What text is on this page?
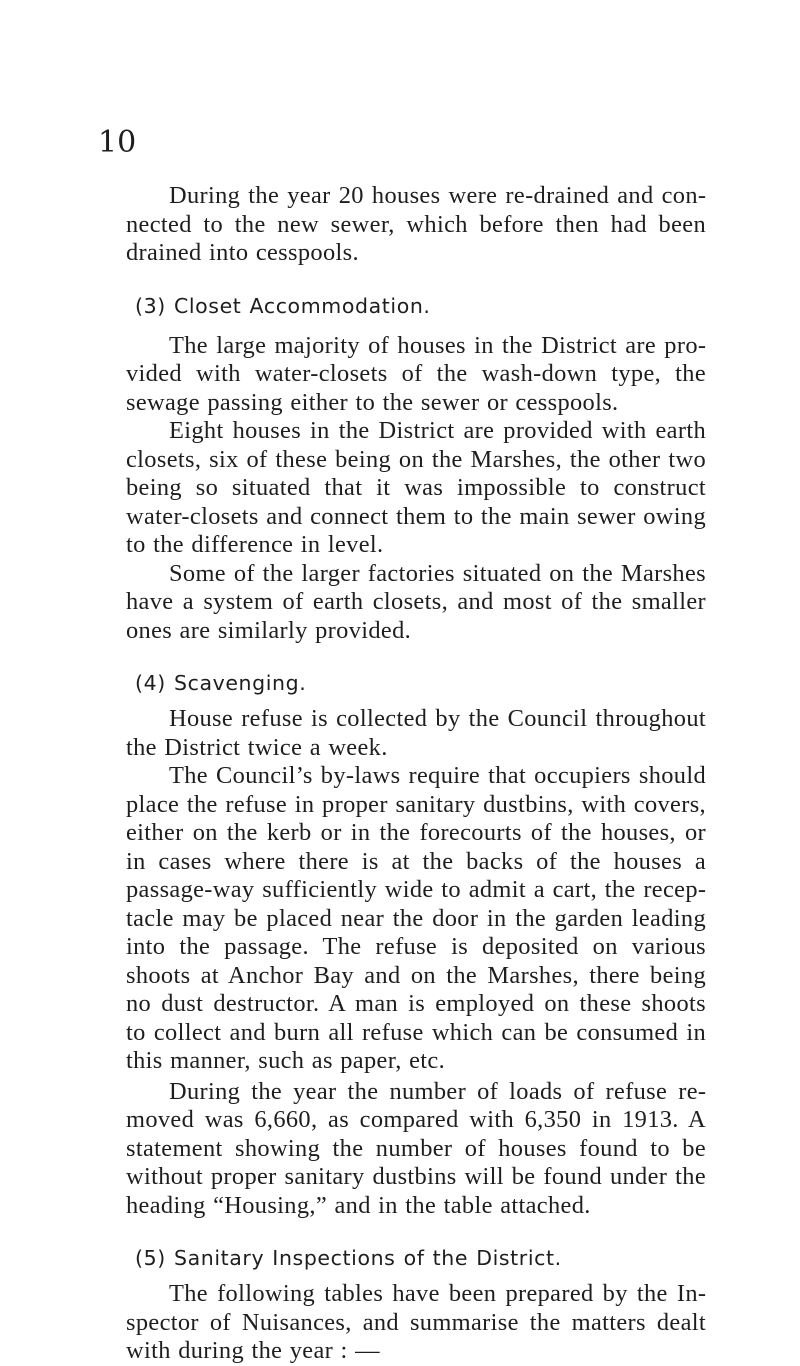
10

During the year 20 houses were re-drained and connected to the new sewer, which before then had been drained into cesspools.

(3) Closet Accommodation.

The large majority of houses in the District are provided with water-closets of the wash-down type, the sewage passing either to the sewer or cesspools.

Eight houses in the District are provided with earth closets, six of these being on the Marshes, the other two being so situated that it was impossible to construct water-closets and connect them to the main sewer owing to the difference in level.

Some of the larger factories situated on the Marshes have a system of earth closets, and most of the smaller ones are similarly provided.

(4) Scavenging.

House refuse is collected by the Council throughout the District twice a week.

The Council’s by-laws require that occupiers should place the refuse in proper sanitary dustbins, with covers, either on the kerb or in the forecourts of the houses, or in cases where there is at the backs of the houses a passage-way sufficiently wide to admit a cart, the receptacle may be placed near the door in the garden leading into the passage. The refuse is deposited on various shoots at Anchor Bay and on the Marshes, there being no dust destructor. A man is employed on these shoots to collect and burn all refuse which can be consumed in this manner, such as paper, etc.

During the year the number of loads of refuse removed was 6,660, as compared with 6,350 in 1913. A statement showing the number of houses found to be without proper sanitary dustbins will be found under the heading “Housing,” and in the table attached.

(5) Sanitary Inspections of the District.

The following tables have been prepared by the Inspector of Nuisances, and summarise the matters dealt with during the year : —
